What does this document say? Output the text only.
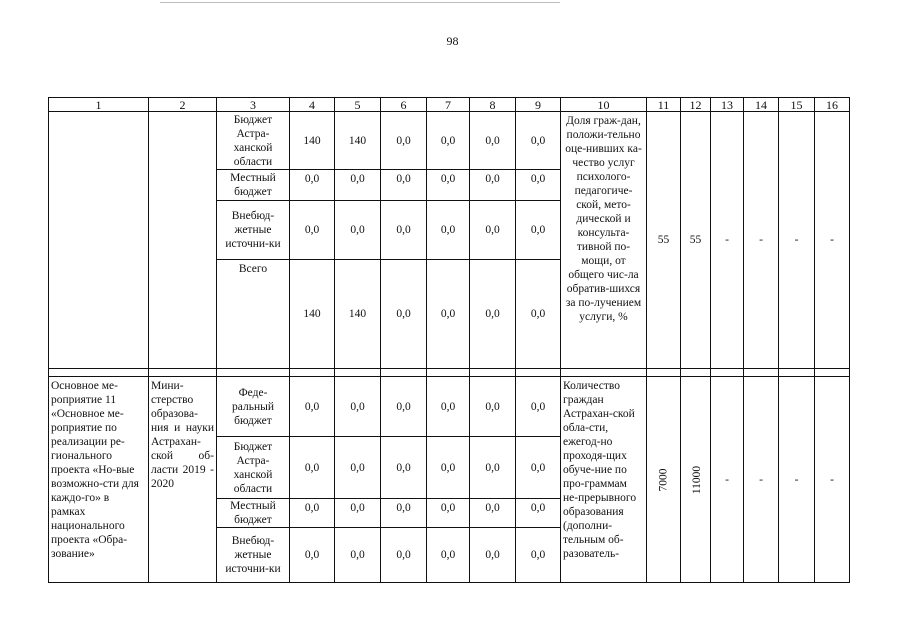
98
1	2	3	4	5	6	7	8	9	10	11	12	13	14	15	16
		Бюджет Астра-ханской области	140	140	0,0	0,0	0,0	0,0	Доля граж-дан, положи-тельно оце-нивших ка-чество услуг психолого-педагогиче-ской, мето-дической и консульта-тивной по-мощи, от общего чис-ла обратив-шихся за по-лучением услуги, %	55	55	-	-	-	-
		Местный бюджет	0,0	0,0	0,0	0,0	0,0	0,0							
		Внебюд-жетные источни-ки	0,0	0,0	0,0	0,0	0,0	0,0							
		Всего	140	140	0,0	0,0	0,0	0,0							

Основное ме-роприятие 11 «Основное ме-роприятие по реализации ре-гионального проекта «Но-вые возможно-сти для каждо-го» в рамках национального проекта «Обра-зование»	Мини-стерство образова-ния и науки Астрахан-ской об-ласти 2019 - 2020	Феде-ральный бюджет	0,0	0,0	0,0	0,0	0,0	0,0	Количество граждан Астрахан-ской обла-сти, ежегод-но проходя-щих обуче-ние по про-граммам не-прерывного образования (дополни-тельным об-разователь-	7000	11000	-	-	-	-
		Бюджет Астра-ханской области	0,0	0,0	0,0	0,0	0,0	0,0							
		Местный бюджет	0,0	0,0	0,0	0,0	0,0	0,0							
		Внебюд-жетные источни-ки	0,0	0,0	0,0	0,0	0,0	0,0							
